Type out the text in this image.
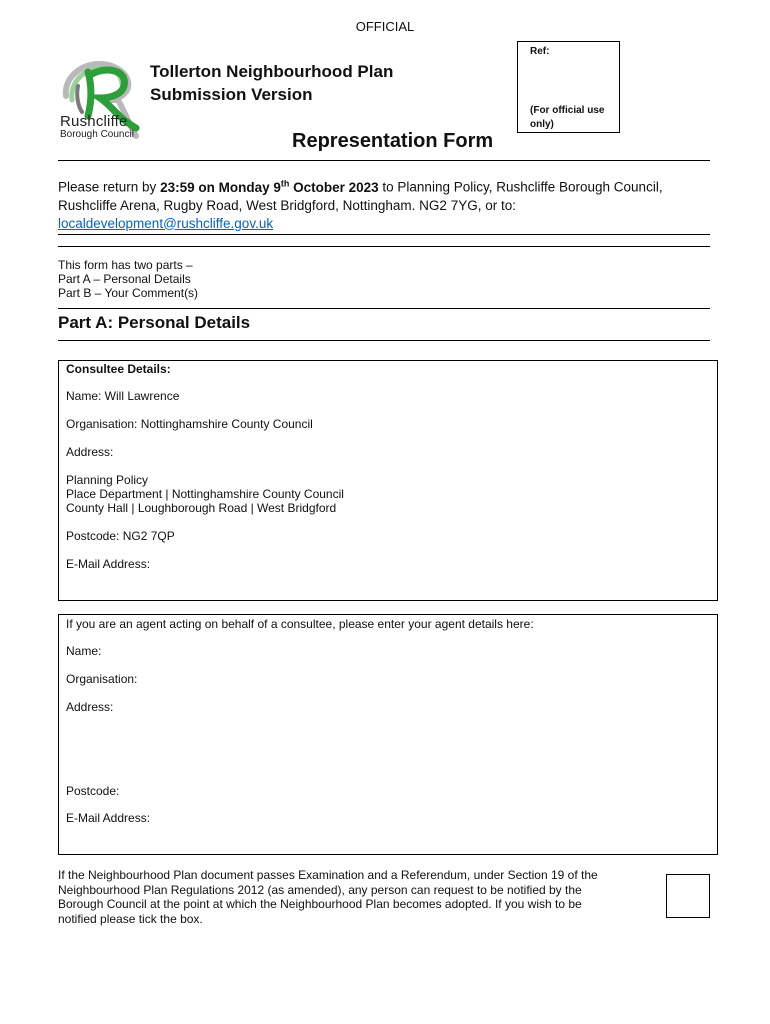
OFFICIAL
Rushcliffe
Borough Council
Tollerton Neighbourhood Plan
Submission Version
Ref:
(For official use
only)
Representation Form
Please return by 23:59 on Monday 9th October 2023 to Planning Policy, Rushcliffe Borough Council,
Rushcliffe Arena, Rugby Road, West Bridgford, Nottingham. NG2 7YG, or to:
localdevelopment@rushcliffe.gov.uk
This form has two parts –
Part A – Personal Details
Part B – Your Comment(s)
Part A: Personal Details
Consultee Details:
Name: Will Lawrence
Organisation: Nottinghamshire County Council
Address:
Planning Policy
Place Department | Nottinghamshire County Council
County Hall | Loughborough Road | West Bridgford
Postcode: NG2 7QP
E-Mail Address:
If you are an agent acting on behalf of a consultee, please enter your agent details here:
Name:
Organisation:
Address:
Postcode:
E-Mail Address:
If the Neighbourhood Plan document passes Examination and a Referendum, under Section 19 of the
Neighbourhood Plan Regulations 2012 (as amended), any person can request to be notified by the
Borough Council at the point at which the Neighbourhood Plan becomes adopted. If you wish to be
notified please tick the box.
